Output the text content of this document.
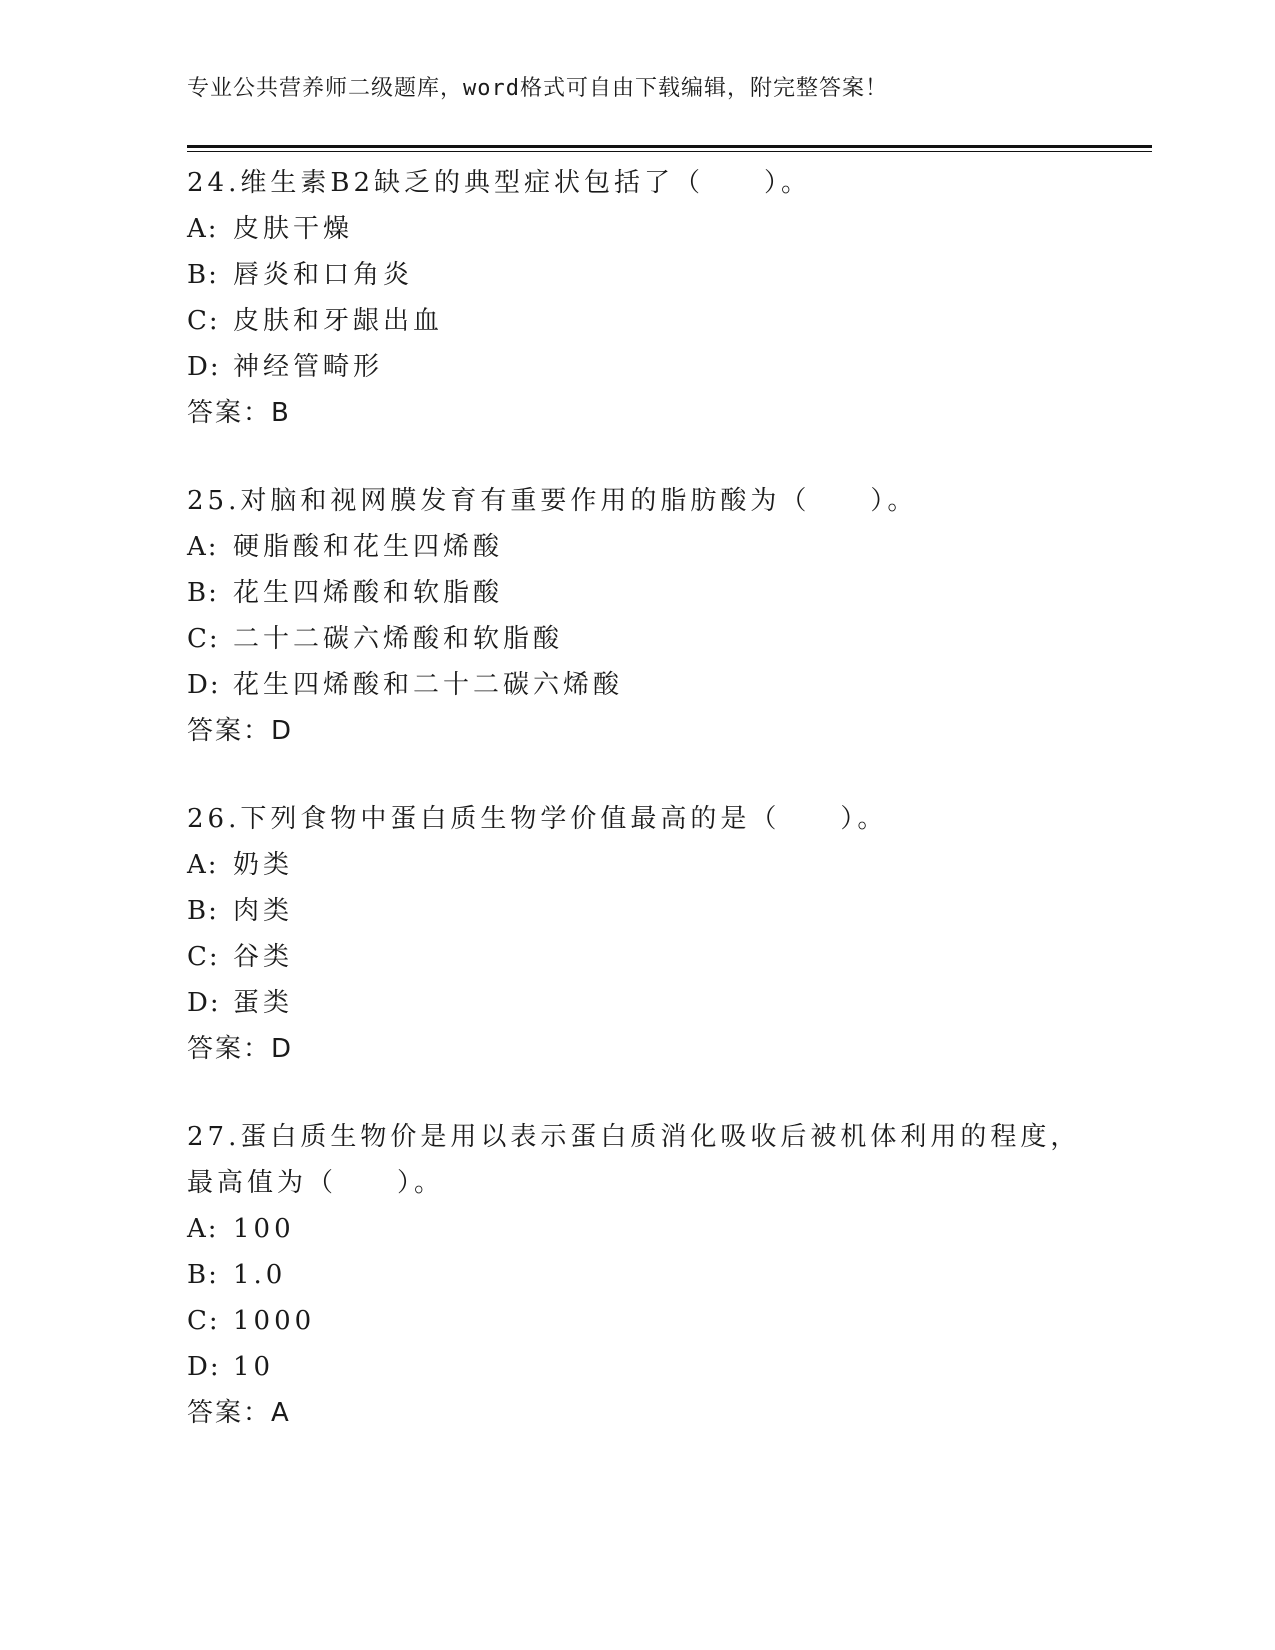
专业公共营养师二级题库，word格式可自由下载编辑，附完整答案！

24.维生素B2缺乏的典型症状包括了（　　）。

A: 皮肤干燥

B: 唇炎和口角炎

C: 皮肤和牙龈出血

D: 神经管畸形

答案：B

25.对脑和视网膜发育有重要作用的脂肪酸为（　　）。

A: 硬脂酸和花生四烯酸

B: 花生四烯酸和软脂酸

C: 二十二碳六烯酸和软脂酸

D: 花生四烯酸和二十二碳六烯酸

答案：D

26.下列食物中蛋白质生物学价值最高的是（　　）。

A: 奶类

B: 肉类

C: 谷类

D: 蛋类

答案：D

27.蛋白质生物价是用以表示蛋白质消化吸收后被机体利用的程度，最高值为（　　）。

A: 100

B: 1.0

C: 1000

D: 10

答案：A
